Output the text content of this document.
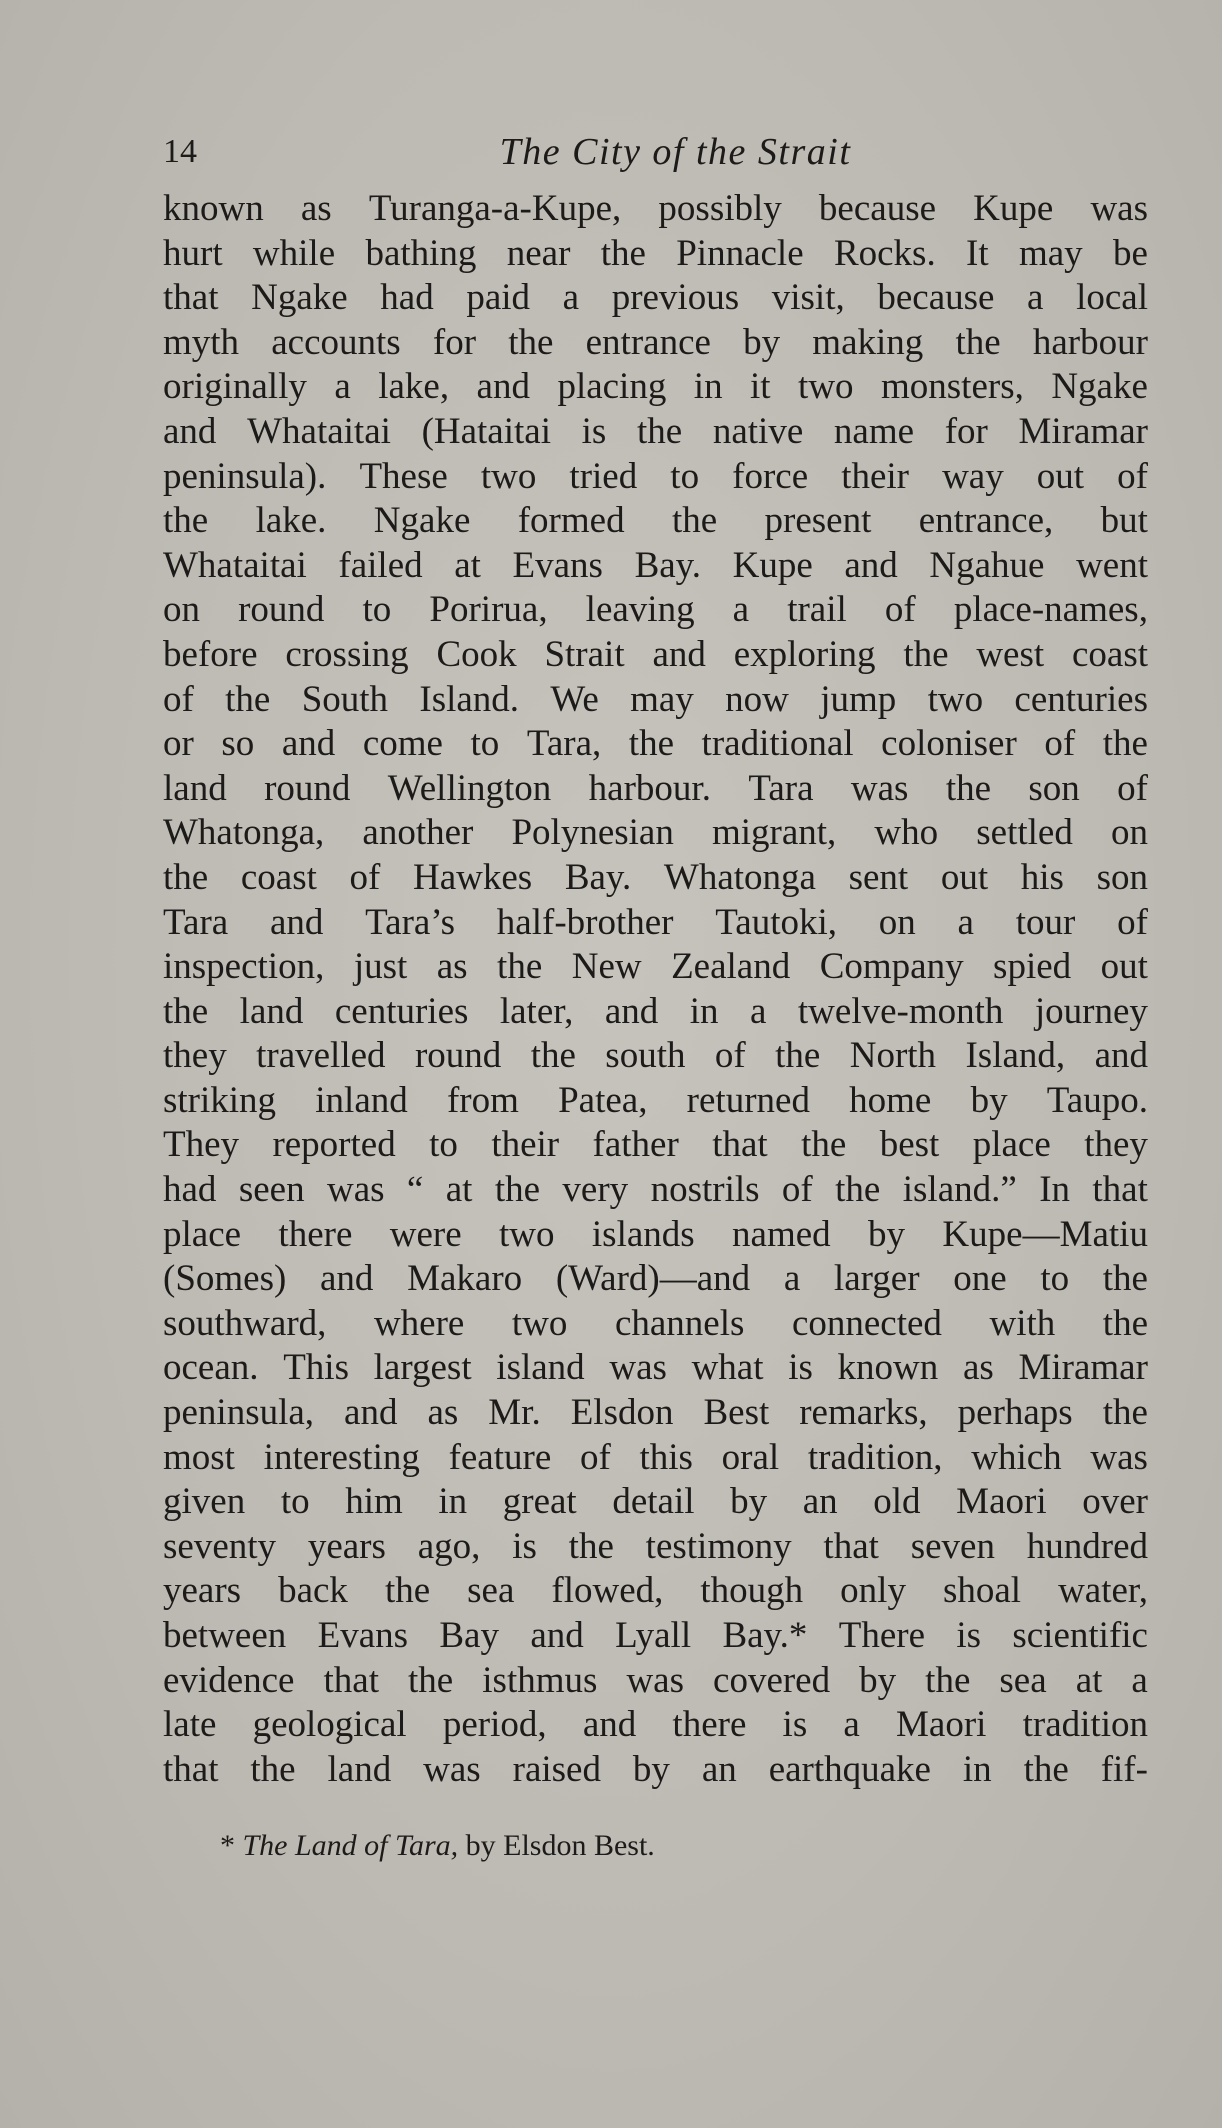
14	The City of the Strait
known as Turanga-a-Kupe, possibly because Kupe was
hurt while bathing near the Pinnacle Rocks. It may be
that Ngake had paid a previous visit, because a local
myth accounts for the entrance by making the harbour
originally a lake, and placing in it two monsters, Ngake
and Whataitai (Hataitai is the native name for Miramar
peninsula). These two tried to force their way out of
the lake. Ngake formed the present entrance, but
Whataitai failed at Evans Bay. Kupe and Ngahue went
on round to Porirua, leaving a trail of place-names,
before crossing Cook Strait and exploring the west coast
of the South Island. We may now jump two centuries
or so and come to Tara, the traditional coloniser of the
land round Wellington harbour. Tara was the son of
Whatonga, another Polynesian migrant, who settled on
the coast of Hawkes Bay. Whatonga sent out his son
Tara and Tara’s half-brother Tautoki, on a tour of
inspection, just as the New Zealand Company spied out
the land centuries later, and in a twelve-month journey
they travelled round the south of the North Island, and
striking inland from Patea, returned home by Taupo.
They reported to their father that the best place they
had seen was “ at the very nostrils of the island.” In that
place there were two islands named by Kupe—Matiu
(Somes) and Makaro (Ward)—and a larger one to the
southward, where two channels connected with the
ocean. This largest island was what is known as Miramar
peninsula, and as Mr. Elsdon Best remarks, perhaps the
most interesting feature of this oral tradition, which was
given to him in great detail by an old Maori over
seventy years ago, is the testimony that seven hundred
years back the sea flowed, though only shoal water,
between Evans Bay and Lyall Bay.* There is scientific
evidence that the isthmus was covered by the sea at a
late geological period, and there is a Maori tradition
that the land was raised by an earthquake in the fif-
* The Land of Tara, by Elsdon Best.
